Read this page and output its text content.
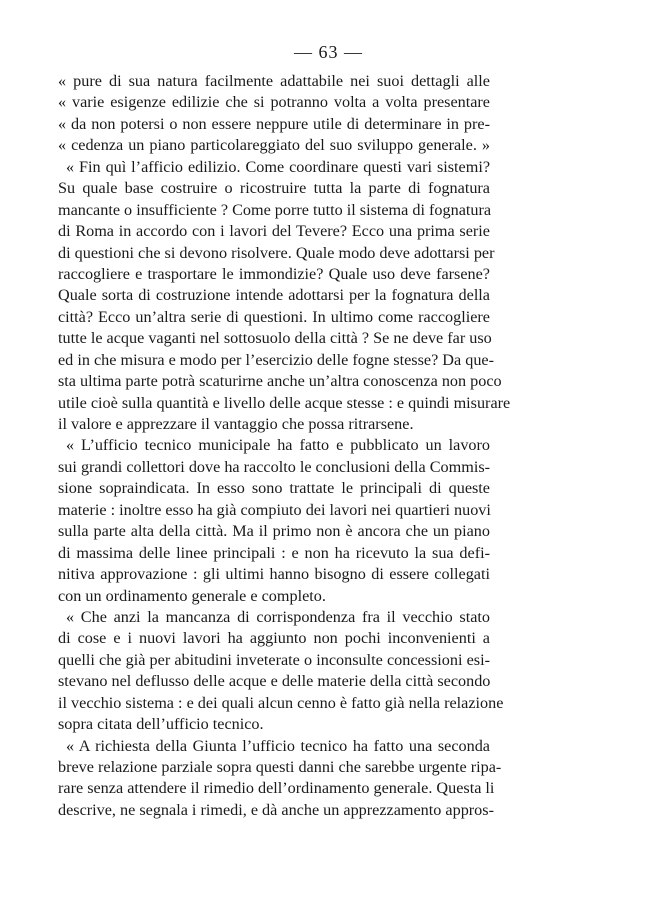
— 63 —
« pure di sua natura facilmente adattabile nei suoi dettagli alle
« varie esigenze edilizie che si potranno volta a volta presentare
« da non potersi o non essere neppure utile di determinare in pre-
« cedenza un piano particolareggiato del suo sviluppo generale. »
« Fin quì l’afficio edilizio. Come coordinare questi vari sistemi?
Su quale base costruire o ricostruire tutta la parte di fognatura
mancante o insufficiente ? Come porre tutto il sistema di fognatura
di Roma in accordo con i lavori del Tevere? Ecco una prima serie
di questioni che si devono risolvere. Quale modo deve adottarsi per
raccogliere e trasportare le immondizie? Quale uso deve farsene?
Quale sorta di costruzione intende adottarsi per la fognatura della
città? Ecco un’altra serie di questioni. In ultimo come raccogliere
tutte le acque vaganti nel sottosuolo della città ? Se ne deve far uso
ed in che misura e modo per l’esercizio delle fogne stesse? Da que-
sta ultima parte potrà scaturirne anche un’altra conoscenza non poco
utile cioè sulla quantità e livello delle acque stesse : e quindi misurare
il valore e apprezzare il vantaggio che possa ritrarsene.
« L’ufficio tecnico municipale ha fatto e pubblicato un lavoro
sui grandi collettori dove ha raccolto le conclusioni della Commis-
sione sopraindicata. In esso sono trattate le principali di queste
materie : inoltre esso ha già compiuto dei lavori nei quartieri nuovi
sulla parte alta della città. Ma il primo non è ancora che un piano
di massima delle linee principali : e non ha ricevuto la sua defi-
nitiva approvazione : gli ultimi hanno bisogno di essere collegati
con un ordinamento generale e completo.
« Che anzi la mancanza di corrispondenza fra il vecchio stato
di cose e i nuovi lavori ha aggiunto non pochi inconvenienti a
quelli che già per abitudini inveterate o inconsulte concessioni esi-
stevano nel deflusso delle acque e delle materie della città secondo
il vecchio sistema : e dei quali alcun cenno è fatto già nella relazione
sopra citata dell’ufficio tecnico.
« A richiesta della Giunta l’ufficio tecnico ha fatto una seconda
breve relazione parziale sopra questi danni che sarebbe urgente ripa-
rare senza attendere il rimedio dell’ordinamento generale. Questa li
descrive, ne segnala i rimedi, e dà anche un apprezzamento appros-
